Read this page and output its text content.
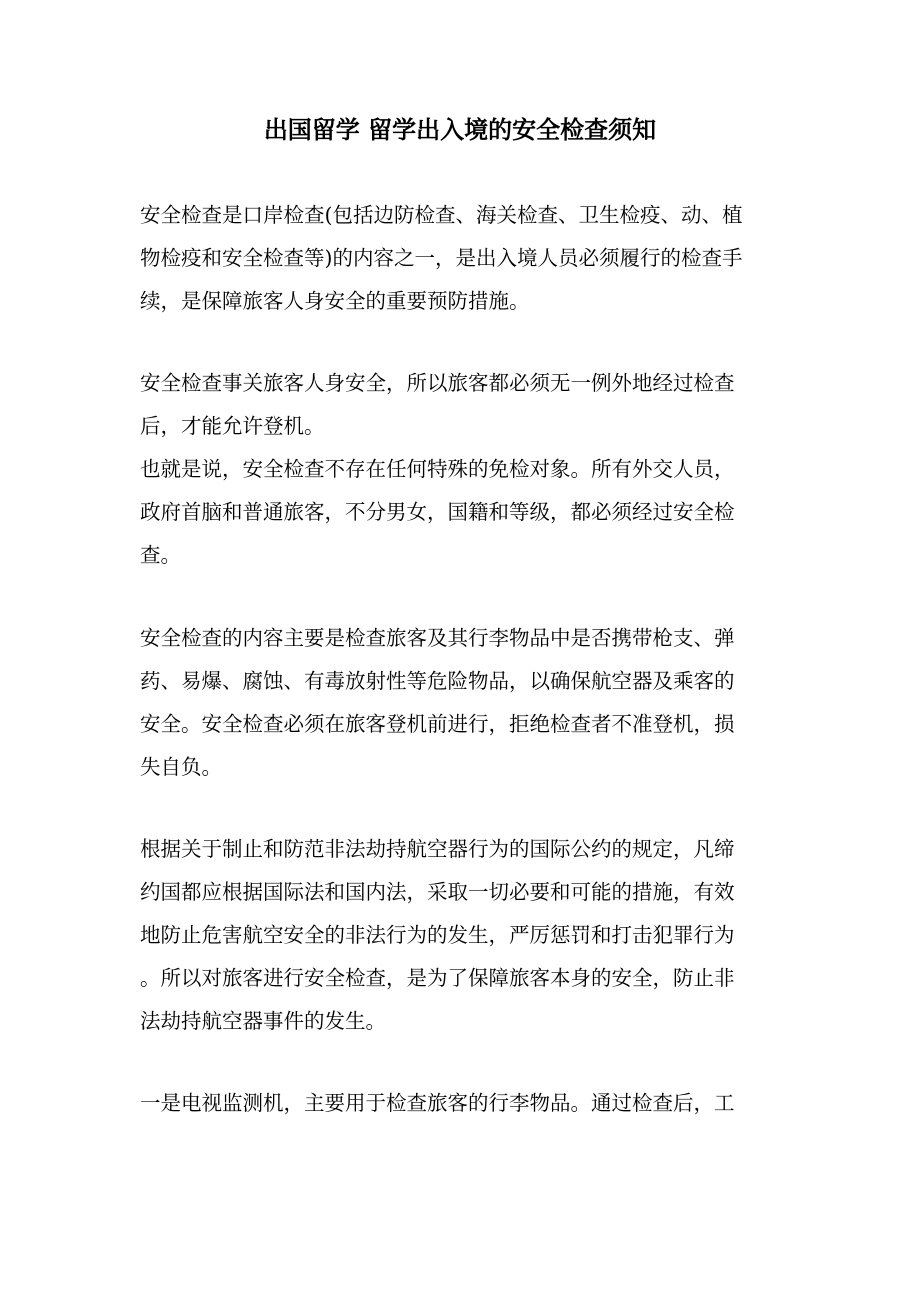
出国留学 留学出入境的安全检查须知
安全检查是口岸检查(包括边防检查、海关检查、卫生检疫、动、植
物检疫和安全检查等)的内容之一，是出入境人员必须履行的检查手
续，是保障旅客人身安全的重要预防措施。
安全检查事关旅客人身安全，所以旅客都必须无一例外地经过检查
后，才能允许登机。
也就是说，安全检查不存在任何特殊的免检对象。所有外交人员，
政府首脑和普通旅客，不分男女，国籍和等级，都必须经过安全检
查。
安全检查的内容主要是检查旅客及其行李物品中是否携带枪支、弹
药、易爆、腐蚀、有毒放射性等危险物品，以确保航空器及乘客的
安全。安全检查必须在旅客登机前进行，拒绝检查者不准登机，损
失自负。
根据关于制止和防范非法劫持航空器行为的国际公约的规定，凡缔
约国都应根据国际法和国内法，采取一切必要和可能的措施，有效
地防止危害航空安全的非法行为的发生，严厉惩罚和打击犯罪行为
。所以对旅客进行安全检查，是为了保障旅客本身的安全，防止非
法劫持航空器事件的发生。
一是电视监测机，主要用于检查旅客的行李物品。通过检查后，工
